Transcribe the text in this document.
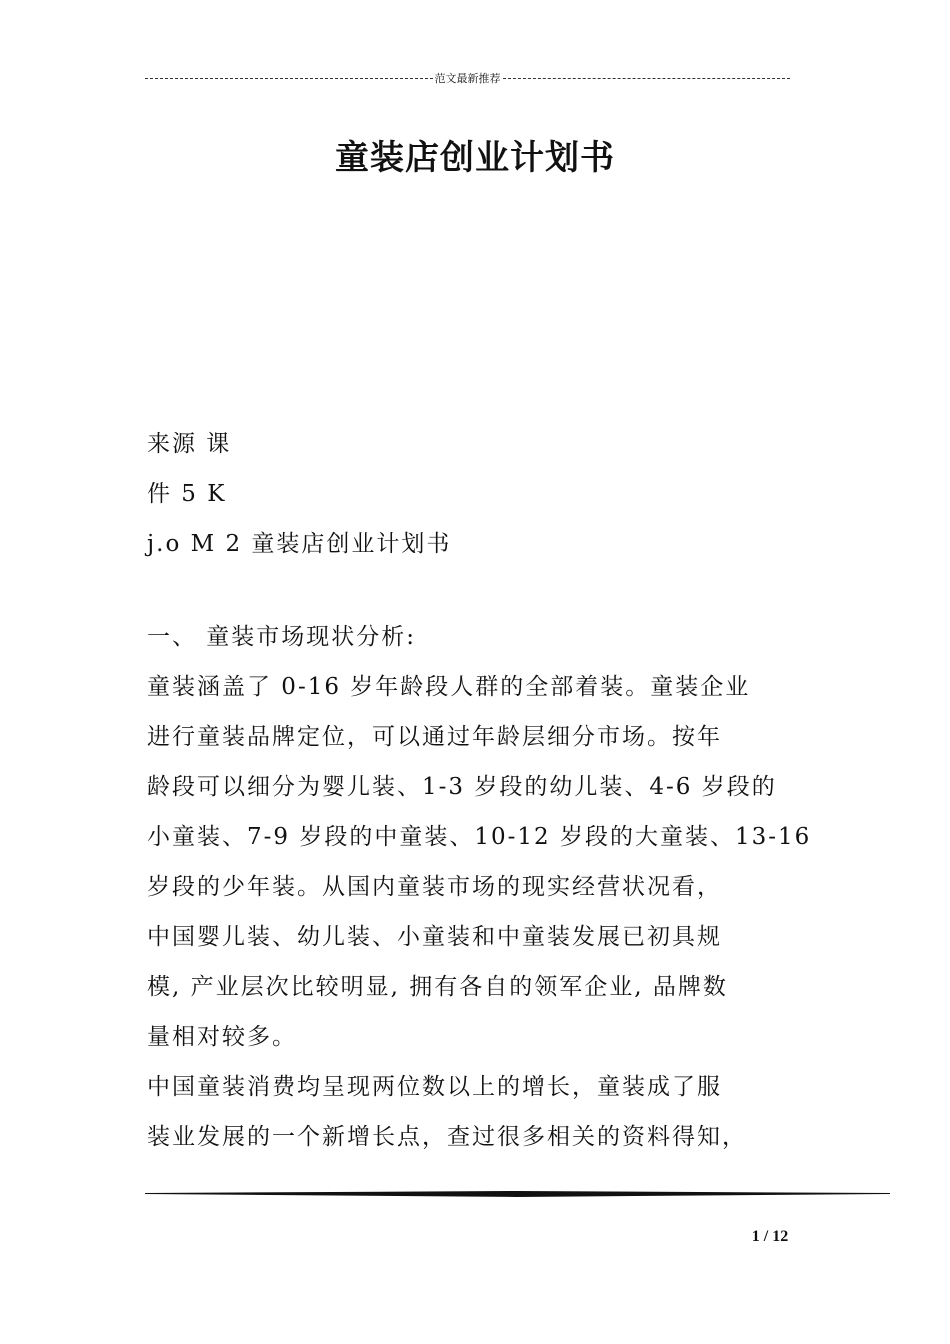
范文最新推荐
童装店创业计划书
来源 课
件 5 K
j.o M 2 童装店创业计划书
一、 童装市场现状分析:
童装涵盖了 0-16 岁年龄段人群的全部着装。童装企业
进行童装品牌定位，可以通过年龄层细分市场。按年
龄段可以细分为婴儿装、1-3 岁段的幼儿装、4-6 岁段的
小童装、7-9 岁段的中童装、10-12 岁段的大童装、13-16
岁段的少年装。从国内童装市场的现实经营状况看，
中国婴儿装、幼儿装、小童装和中童装发展已初具规
模, 产业层次比较明显, 拥有各自的领军企业, 品牌数
量相对较多。
中国童装消费均呈现两位数以上的增长，童装成了服
装业发展的一个新增长点，查过很多相关的资料得知，
1 / 12
